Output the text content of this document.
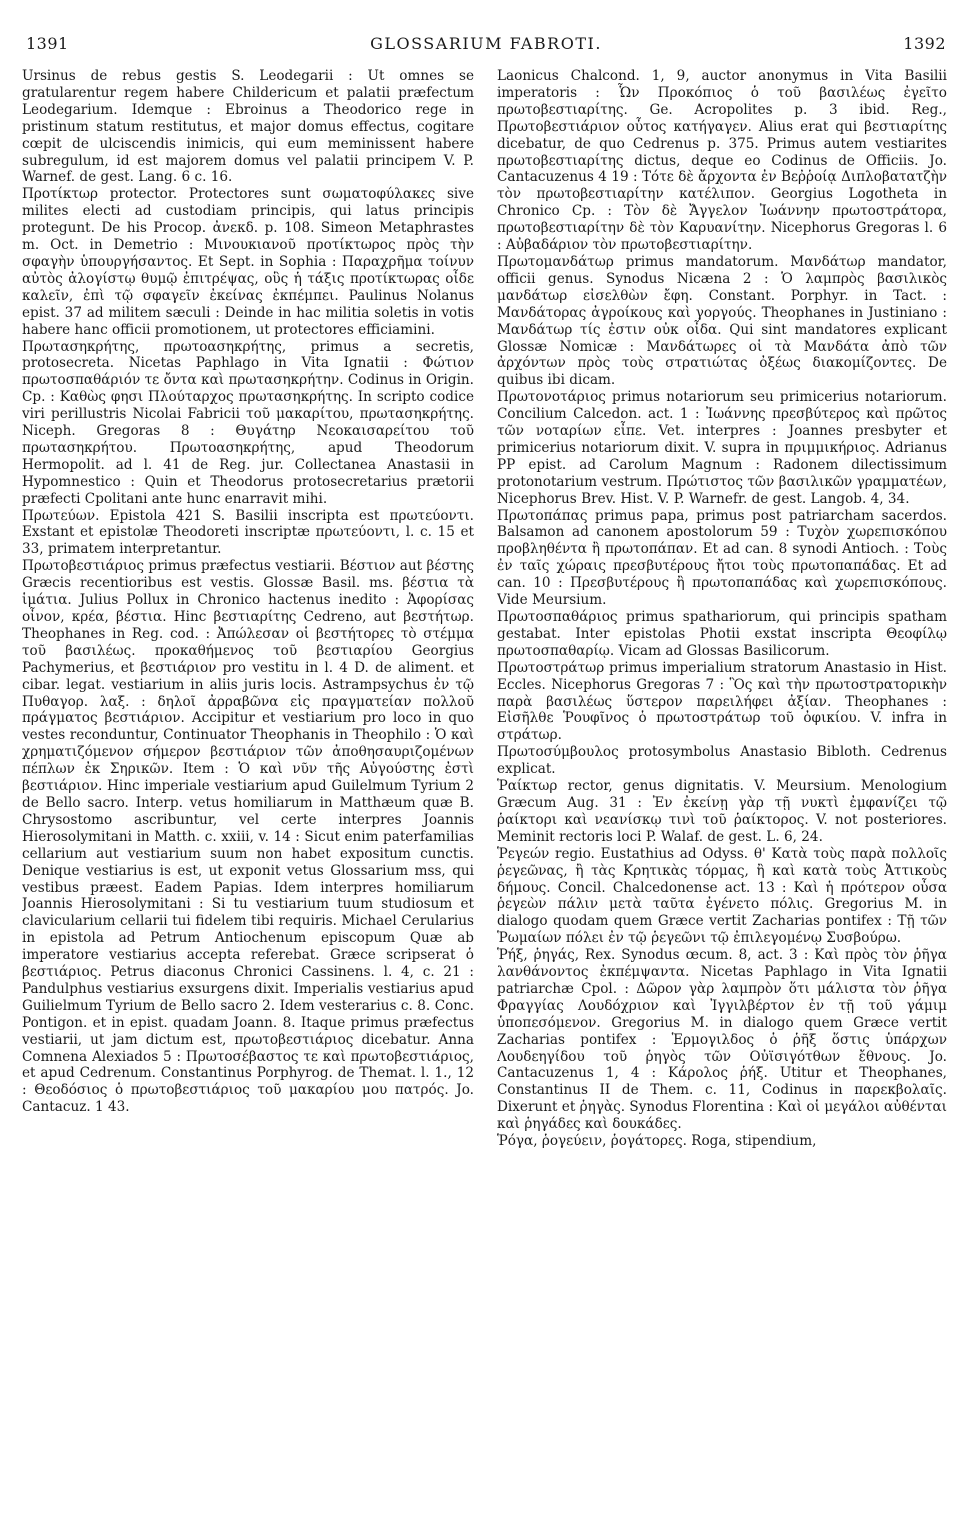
1391	GLOSSARIUM FABROTI.	1392

Ursinus de rebus gestis S. Leodegarii : Ut omnes se gratularentur regem habere Childericum et palatii præfectum Leodegarium. Idemque : Ebroinus a Theodorico rege in pristinum statum restitutus, et major domus effectus, cogitare cœpit de ulciscendis inimicis, qui eum meminissent habere subregulum, id est majorem domus vel palatii principem V. P. Warnef. de gest. Lang. 6 c. 16.

Προτίκτωρ protector. Protectores sunt σωματοφύλακες sive milites electi ad custodiam principis, qui latus principis protegunt. De his Procop. ἀνεκδ. p. 108. Simeon Metaphrastes m. Oct. in Demetrio : Μινουκιανοῦ προτίκτωρος πρὸς τὴν σφαγὴν ὑπουργήσαντος. Et Sept. in Sophia : Παραχρῆμα τοίνυν αὐτὸς ἀλογίστῳ θυμῷ ἐπιτρέψας, οὓς ἡ τάξις προτίκτωρας οἶδε καλεῖν, ἐπὶ τῷ σφαγεῖν ἐκείνας ἐκπέμπει. Paulinus Nolanus epist. 37 ad militem sæculi : Deinde in hac militia soletis in votis habere hanc officii promotionem, ut protectores efficiamini.

Πρωτασηκρήτης, πρωτοασηκρήτης, primus a secretis, protosecreta. Nicetas Paphlago in Vita Ignatii : Φώτιον πρωτοσπαθάριόν τε ὄντα καὶ πρωτασηκρήτην. Codinus in Origin. Cp. : Καθὼς φησι Πλούταρχος πρωτασηκρήτης. In scripto codice viri perillustris Nicolai Fabricii τοῦ μακαρίτου, πρωτασηκρήτης. Niceph. Gregoras 8 : Θυγάτηρ Νεοκαισαρείτου τοῦ πρωτασηκρήτου. Πρωτοασηκρήτης, apud Theodorum Hermopolit. ad l. 41 de Reg. jur. Collectanea Anastasii in Hypomnestico : Quin et Theodorus protosecretarius prætorii præfecti Cpolitani ante hunc enarravit mihi.

Πρωτεύων. Epistola 421 S. Basilii inscripta est πρωτεύοντι. Exstant et epistolæ Theodoreti inscriptæ πρωτεύοντι, l. c. 15 et 33, primatem interpretantur.

Πρωτοβεστιάριος primus præfectus vestiarii. Βέστιον aut βέστης Græcis recentioribus est vestis. Glossæ Basil. ms. βέστια τὰ ἱμάτια. Julius Pollux in Chronico hactenus inedito : Ἀφορίσας οἶνον, κρέα, βέστια. Hinc βεστιαρίτης Cedreno, aut βεστήτωρ. Theophanes in Reg. cod. : Ἀπώλεσαν οἱ βεστήτορες τὸ στέμμα τοῦ βασιλέως. προκαθήμενος τοῦ βεστιαρίου Georgius Pachymerius, et βεστιάριον pro vestitu in l. 4 D. de aliment. et cibar. legat. vestiarium in aliis juris locis. Astrampsychus ἐν τῷ Πυθαγορ. λαξ. : δηλοῖ ἀρραβῶνα εἰς πραγματείαν πολλοῦ πράγματος βεστιάριον. Accipitur et vestiarium pro loco in quo vestes reconduntur, Continuator Theophanis in Theophilo : Ὁ καὶ χρηματιζόμενον σήμερον βεστιάριον τῶν ἀποθησαυριζομένων πέπλων ἐκ Σηρικῶν. Item : Ὁ καὶ νῦν τῆς Αὐγούστης ἐστὶ βεστιάριον. Hinc imperiale vestiarium apud Guilelmum Tyrium 2 de Bello sacro. Interp. vetus homiliarum in Matthæum quæ B. Chrysostomo ascribuntur, vel certe interpres Joannis Hierosolymitani in Matth. c. xxiii, v. 14 : Sicut enim paterfamilias cellarium aut vestiarium suum non habet expositum cunctis. Denique vestiarius is est, ut exponit vetus Glossarium mss, qui vestibus præest. Eadem Papias. Idem interpres homiliarum Joannis Hierosolymitani : Si tu vestiarium tuum studiosum et clavicularium cellarii tui fidelem tibi requiris. Michael Cerularius in epistola ad Petrum Antiochenum episcopum Quæ ab imperatore vestiarius accepta referebat. Græce scripserat ὁ βεστιάριος. Petrus diaconus Chronici Cassinens. l. 4, c. 21 : Pandulphus vestiarius exsurgens dixit. Imperialis vestiarius apud Guilielmum Tyrium de Bello sacro 2. Idem vesterarius c. 8. Conc. Pontigon. et in epist. quadam Joann. 8. Itaque primus præfectus vestiarii, ut jam dictum est, πρωτοβεστιάριος dicebatur. Anna Comnena Alexiados 5 : Πρωτοσέβαστος τε καὶ πρωτοβεστιάριος, et apud Cedrenum. Constantinus Porphyrog. de Themat. l. 1., 12 : Θεοδόσιος ὁ πρωτοβεστιάριος τοῦ μακαρίου μου πατρός. Jo. Cantacuz. 1 43.

Laonicus Chalcond. 1, 9, auctor anonymus in Vita Basilii imperatoris : Ὧν Προκόπιος ὁ τοῦ βασιλέως ἐγεῖτο πρωτοβεστιαρίτης. Ge. Acropolites p. 3 ibid. Reg., Πρωτοβεστιάριον οὗτος κατήγαγεν. Alius erat qui βεστιαρίτης dicebatur, de quo Cedrenus p. 375. Primus autem vestiarites πρωτοβεστιαρίτης dictus, deque eo Codinus de Officiis. Jo. Cantacuzenus 4 19 : Τότε δὲ ἄρχοντα ἐν Βεῤῥοίᾳ Διπλοβατατζὴν τὸν πρωτοβεστιαρίτην κατέλιπον. Georgius Logotheta in Chronico Cp. : Τὸν δὲ Ἄγγελον Ἰωάννην πρωτοστράτορα, πρωτοβεστιαρίτην δὲ τὸν Καρυανίτην. Nicephorus Gregoras l. 6 : Αὐβαδάριον τὸν πρωτοβεστιαρίτην.

Πρωτομανδάτωρ primus mandatorum. Μανδάτωρ mandator, officii genus. Synodus Nicæna 2 : Ὁ λαμπρὸς βασιλικὸς μανδάτωρ εἰσελθὼν ἔφη. Constant. Porphyr. in Tact. : Μανδάτορας ἀγροίκους καὶ γοργούς. Theophanes in Justiniano : Μανδάτωρ τίς ἐστιν οὐκ οἶδα. Qui sint mandatores explicant Glossæ Nomicæ : Μανδάτωρες οἱ τὰ Μανδάτα ἀπὸ τῶν ἀρχόντων πρὸς τοὺς στρατιώτας ὀξέως διακομίζοντες. De quibus ibi dicam.

Πρωτονοτάριος primus notariorum seu primicerius notariorum. Concilium Calcedon. act. 1 : Ἰωάννης πρεσβύτερος καὶ πρῶτος τῶν νοταρίων εἶπε. Vet. interpres : Joannes presbyter et primicerius notariorum dixit. V. supra in πριμμικήριος. Adrianus PP epist. ad Carolum Magnum : Radonem dilectissimum protonotarium vestrum. Πρώτιστος τῶν βασιλικῶν γραμματέων, Nicephorus Brev. Hist. V. P. Warnefr. de gest. Langob. 4, 34.

Πρωτοπάπας primus papa, primus post patriarcham sacerdos. Balsamon ad canonem apostolorum 59 : Τυχὸν χωρεπισκόπου προβληθέντα ἢ πρωτοπάπαν. Et ad can. 8 synodi Antioch. : Τοὺς ἐν ταῖς χώραις πρεσβυτέρους ἤτοι τοὺς πρωτοπαπάδας. Et ad can. 10 : Πρεσβυτέρους ἢ πρωτοπαπάδας καὶ χωρεπισκόπους. Vide Meursium.

Πρωτοσπαθάριος primus spathariorum, qui principis spatham gestabat. Inter epistolas Photii exstat inscripta Θεοφίλῳ πρωτοσπαθαρίῳ. Vicam ad Glossas Basilicorum.

Πρωτοστράτωρ primus imperialium stratorum Anastasio in Hist. Eccles. Nicephorus Gregoras 7 : Ὃς καὶ τὴν πρωτοστρατορικὴν παρὰ βασιλέως ὕστερον παρειλήφει ἀξίαν. Theophanes : Εἰσῆλθε Ῥουφῖνος ὁ πρωτοστράτωρ τοῦ ὀφικίου. V. infra in στράτωρ.

Πρωτοσύμβουλος protosymbolus Anastasio Bibloth. Cedrenus explicat.

Ῥαίκτωρ rector, genus dignitatis. V. Meursium. Menologium Græcum Aug. 31 : Ἐν ἐκείνῃ γὰρ τῇ νυκτὶ ἐμφανίζει τῷ ῥαίκτορι καὶ νεανίσκῳ τινὶ τοῦ ῥαίκτορος. V. not posteriores. Meminit rectoris loci P. Walaf. de gest. L. 6, 24.

Ῥεγεών regio. Eustathius ad Odyss. θ' Κατὰ τοὺς παρὰ πολλοῖς ῥεγεῶνας, ἢ τὰς Κρητικὰς τόρμας, ἢ καὶ κατὰ τοὺς Ἀττικοὺς δήμους. Concil. Chalcedonense act. 13 : Καὶ ἡ πρότερον οὖσα ῥεγεὼν πάλιν μετὰ ταῦτα ἐγένετο πόλις. Gregorius M. in dialogo quodam quem Græce vertit Zacharias pontifex : Τῇ τῶν Ῥωμαίων πόλει ἐν τῷ ῥεγεῶνι τῷ ἐπιλεγομένῳ Συσβούρω.

Ῥήξ, ῥηγάς, Rex. Synodus œcum. 8, act. 3 : Καὶ πρὸς τὸν ῥῆγα λανθάνοντος ἐκπέμψαντα. Nicetas Paphlago in Vita Ignatii patriarchæ Cpol. : Δῶρον γὰρ λαμπρὸν ὅτι μάλιστα τὸν ῥῆγα Φραγγίας Λουδόχριον καὶ Ἰγγιλβέρτον ἐν τῇ τοῦ γάμιμ ὑποπεσόμενον. Gregorius M. in dialogo quem Græce vertit Zacharias pontifex : Ἑρμογιλδος ὁ ῥῆξ ὅστις ὑπάρχων Λουδεηγίδου τοῦ ῥηγὸς τῶν Οὐϊσιγότθων ἔθνους. Jo. Cantacuzenus 1, 4 : Κάρολος ῥήξ. Utitur et Theophanes, Constantinus II de Them. c. 11, Codinus in παρεκβολαῖς. Dixerunt et ῥηγὰς. Synodus Florentina : Καὶ οἱ μεγάλοι αὐθένται καὶ ῥηγάδες καὶ δουκάδες.

Ῥόγα, ῥογεύειν, ῥογάτορες. Roga, stipendium,
